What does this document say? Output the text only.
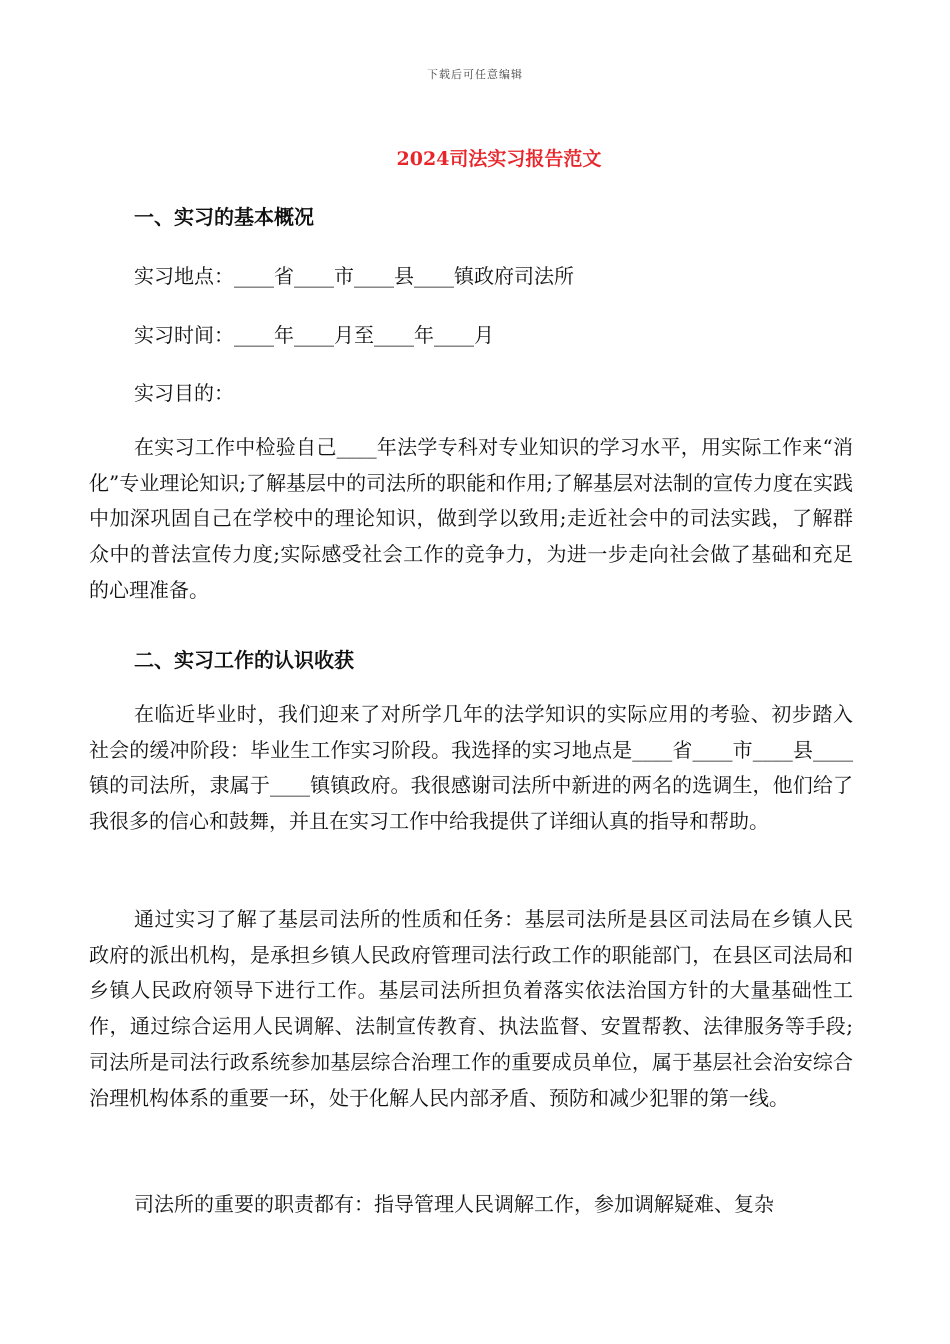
下载后可任意编辑
2024司法实习报告范文
一、实习的基本概况
实习地点：____省____市____县____镇政府司法所
实习时间：____年____月至____年____月
实习目的：
在实习工作中检验自己____年法学专科对专业知识的学习水平，用实际工作来“消化”专业理论知识;了解基层中的司法所的职能和作用;了解基层对法制的宣传力度在实践中加深巩固自己在学校中的理论知识，做到学以致用;走近社会中的司法实践，了解群众中的普法宣传力度;实际感受社会工作的竞争力，为进一步走向社会做了基础和充足的心理准备。
二、实习工作的认识收获
在临近毕业时，我们迎来了对所学几年的法学知识的实际应用的考验、初步踏入社会的缓冲阶段：毕业生工作实习阶段。我选择的实习地点是____省____市____县____镇的司法所，隶属于____镇镇政府。我很感谢司法所中新进的两名的选调生，他们给了我很多的信心和鼓舞，并且在实习工作中给我提供了详细认真的指导和帮助。
通过实习了解了基层司法所的性质和任务：基层司法所是县区司法局在乡镇人民政府的派出机构，是承担乡镇人民政府管理司法行政工作的职能部门，在县区司法局和乡镇人民政府领导下进行工作。基层司法所担负着落实依法治国方针的大量基础性工作，通过综合运用人民调解、法制宣传教育、执法监督、安置帮教、法律服务等手段;司法所是司法行政系统参加基层综合治理工作的重要成员单位，属于基层社会治安综合治理机构体系的重要一环，处于化解人民内部矛盾、预防和减少犯罪的第一线。
司法所的重要的职责都有：指导管理人民调解工作，参加调解疑难、复杂
